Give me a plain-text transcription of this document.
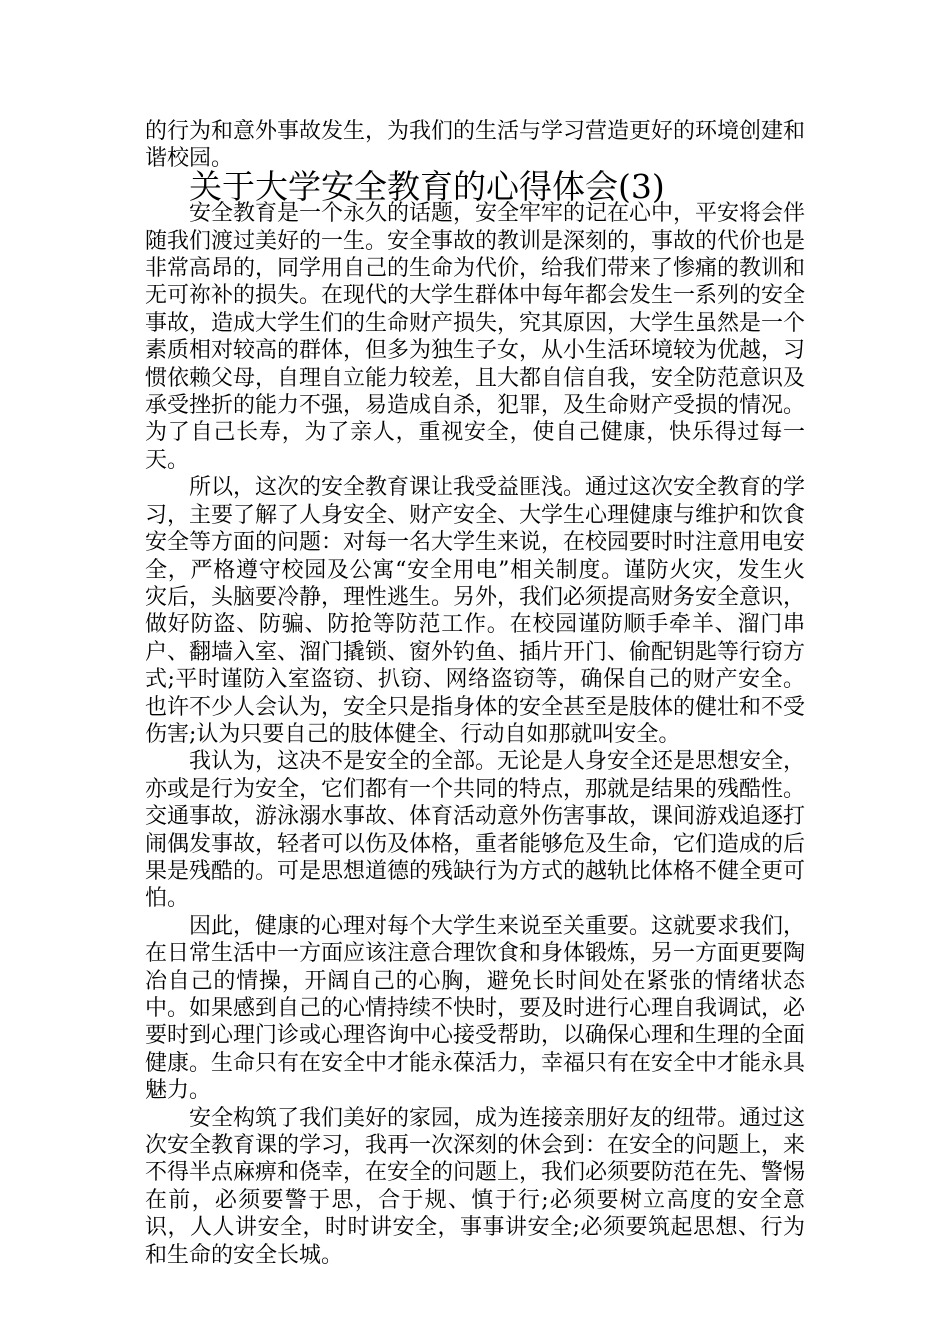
的行为和意外事故发生，为我们的生活与学习营造更好的环境创建和谐校园。

关于大学安全教育的心得体会(3)

安全教育是一个永久的话题，安全牢牢的记在心中，平安将会伴随我们渡过美好的一生。安全事故的教训是深刻的，事故的代价也是非常高昂的，同学用自己的生命为代价，给我们带来了惨痛的教训和无可祢补的损失。在现代的大学生群体中每年都会发生一系列的安全事故，造成大学生们的生命财产损失，究其原因，大学生虽然是一个素质相对较高的群体，但多为独生子女，从小生活环境较为优越，习惯依赖父母，自理自立能力较差，且大都自信自我，安全防范意识及承受挫折的能力不强，易造成自杀，犯罪，及生命财产受损的情况。为了自己长寿，为了亲人，重视安全，使自己健康，快乐得过每一天。

所以，这次的安全教育课让我受益匪浅。通过这次安全教育的学习，主要了解了人身安全、财产安全、大学生心理健康与维护和饮食安全等方面的问题：对每一名大学生来说，在校园要时时注意用电安全，严格遵守校园及公寓“安全用电”相关制度。谨防火灾，发生火灾后，头脑要冷静，理性逃生。另外，我们必须提高财务安全意识，做好防盗、防骗、防抢等防范工作。在校园谨防顺手牵羊、溜门串户、翻墙入室、溜门撬锁、窗外钓鱼、插片开门、偷配钥匙等行窃方式;平时谨防入室盗窃、扒窃、网络盗窃等，确保自己的财产安全。也许不少人会认为，安全只是指身体的安全甚至是肢体的健壮和不受伤害;认为只要自己的肢体健全、行动自如那就叫安全。

我认为，这决不是安全的全部。无论是人身安全还是思想安全，亦或是行为安全，它们都有一个共同的特点，那就是结果的残酷性。交通事故，游泳溺水事故、体育活动意外伤害事故，课间游戏追逐打闹偶发事故，轻者可以伤及体格，重者能够危及生命，它们造成的后果是残酷的。可是思想道德的残缺行为方式的越轨比体格不健全更可怕。

因此，健康的心理对每个大学生来说至关重要。这就要求我们，在日常生活中一方面应该注意合理饮食和身体锻炼，另一方面更要陶冶自己的情操，开阔自己的心胸，避免长时间处在紧张的情绪状态中。如果感到自己的心情持续不快时，要及时进行心理自我调试，必要时到心理门诊或心理咨询中心接受帮助，以确保心理和生理的全面健康。生命只有在安全中才能永葆活力，幸福只有在安全中才能永具魅力。

安全构筑了我们美好的家园，成为连接亲朋好友的纽带。通过这次安全教育课的学习，我再一次深刻的休会到：在安全的问题上，来不得半点麻痹和侥幸，在安全的问题上，我们必须要防范在先、警惕在前，必须要警于思，合于规、慎于行;必须要树立高度的安全意识，人人讲安全，时时讲安全，事事讲安全;必须要筑起思想、行为和生命的安全长城。
